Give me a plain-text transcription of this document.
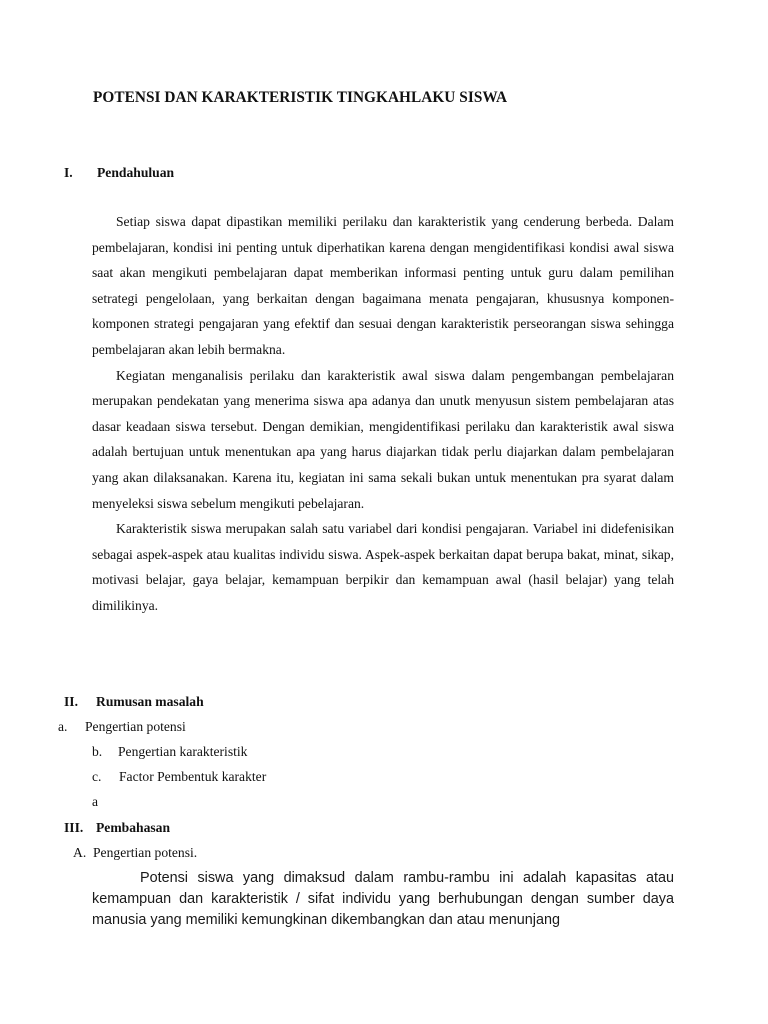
POTENSI DAN KARAKTERISTIK TINGKAHLAKU SISWA
I. Pendahuluan

Setiap siswa dapat dipastikan memiliki perilaku dan karakteristik yang cenderung berbeda. Dalam pembelajaran, kondisi ini penting untuk diperhatikan karena dengan mengidentifikasi kondisi awal siswa saat akan mengikuti pembelajaran dapat memberikan informasi penting untuk guru dalam pemilihan setrategi pengelolaan, yang berkaitan dengan bagaimana menata pengajaran, khususnya komponen-komponen strategi pengajaran yang efektif dan sesuai dengan karakteristik perseorangan siswa sehingga pembelajaran akan lebih bermakna.

Kegiatan menganalisis perilaku dan karakteristik awal siswa dalam pengembangan pembelajaran merupakan pendekatan yang menerima siswa apa adanya dan unutk menyusun sistem pembelajaran atas dasar keadaan siswa tersebut. Dengan demikian, mengidentifikasi perilaku dan karakteristik awal siswa adalah bertujuan untuk menentukan apa yang harus diajarkan tidak perlu diajarkan dalam pembelajaran yang akan dilaksanakan. Karena itu, kegiatan ini sama sekali bukan untuk menentukan pra syarat dalam menyeleksi siswa sebelum mengikuti pebelajaran.

Karakteristik siswa merupakan salah satu variabel dari kondisi pengajaran. Variabel ini didefenisikan sebagai aspek-aspek atau kualitas individu siswa. Aspek-aspek berkaitan dapat berupa bakat, minat, sikap, motivasi belajar, gaya belajar, kemampuan berpikir dan kemampuan awal (hasil belajar) yang telah dimilikinya.

II. Rumusan masalah
a. Pengertian potensi
b. Pengertian karakteristik
c. Factor Pembentuk karakter
a
III. Pembahasan
A. Pengertian potensi.

Potensi siswa yang dimaksud dalam rambu-rambu ini adalah kapasitas atau kemampuan dan karakteristik / sifat individu yang berhubungan dengan sumber daya manusia yang memiliki kemungkinan dikembangkan dan atau menunjang
